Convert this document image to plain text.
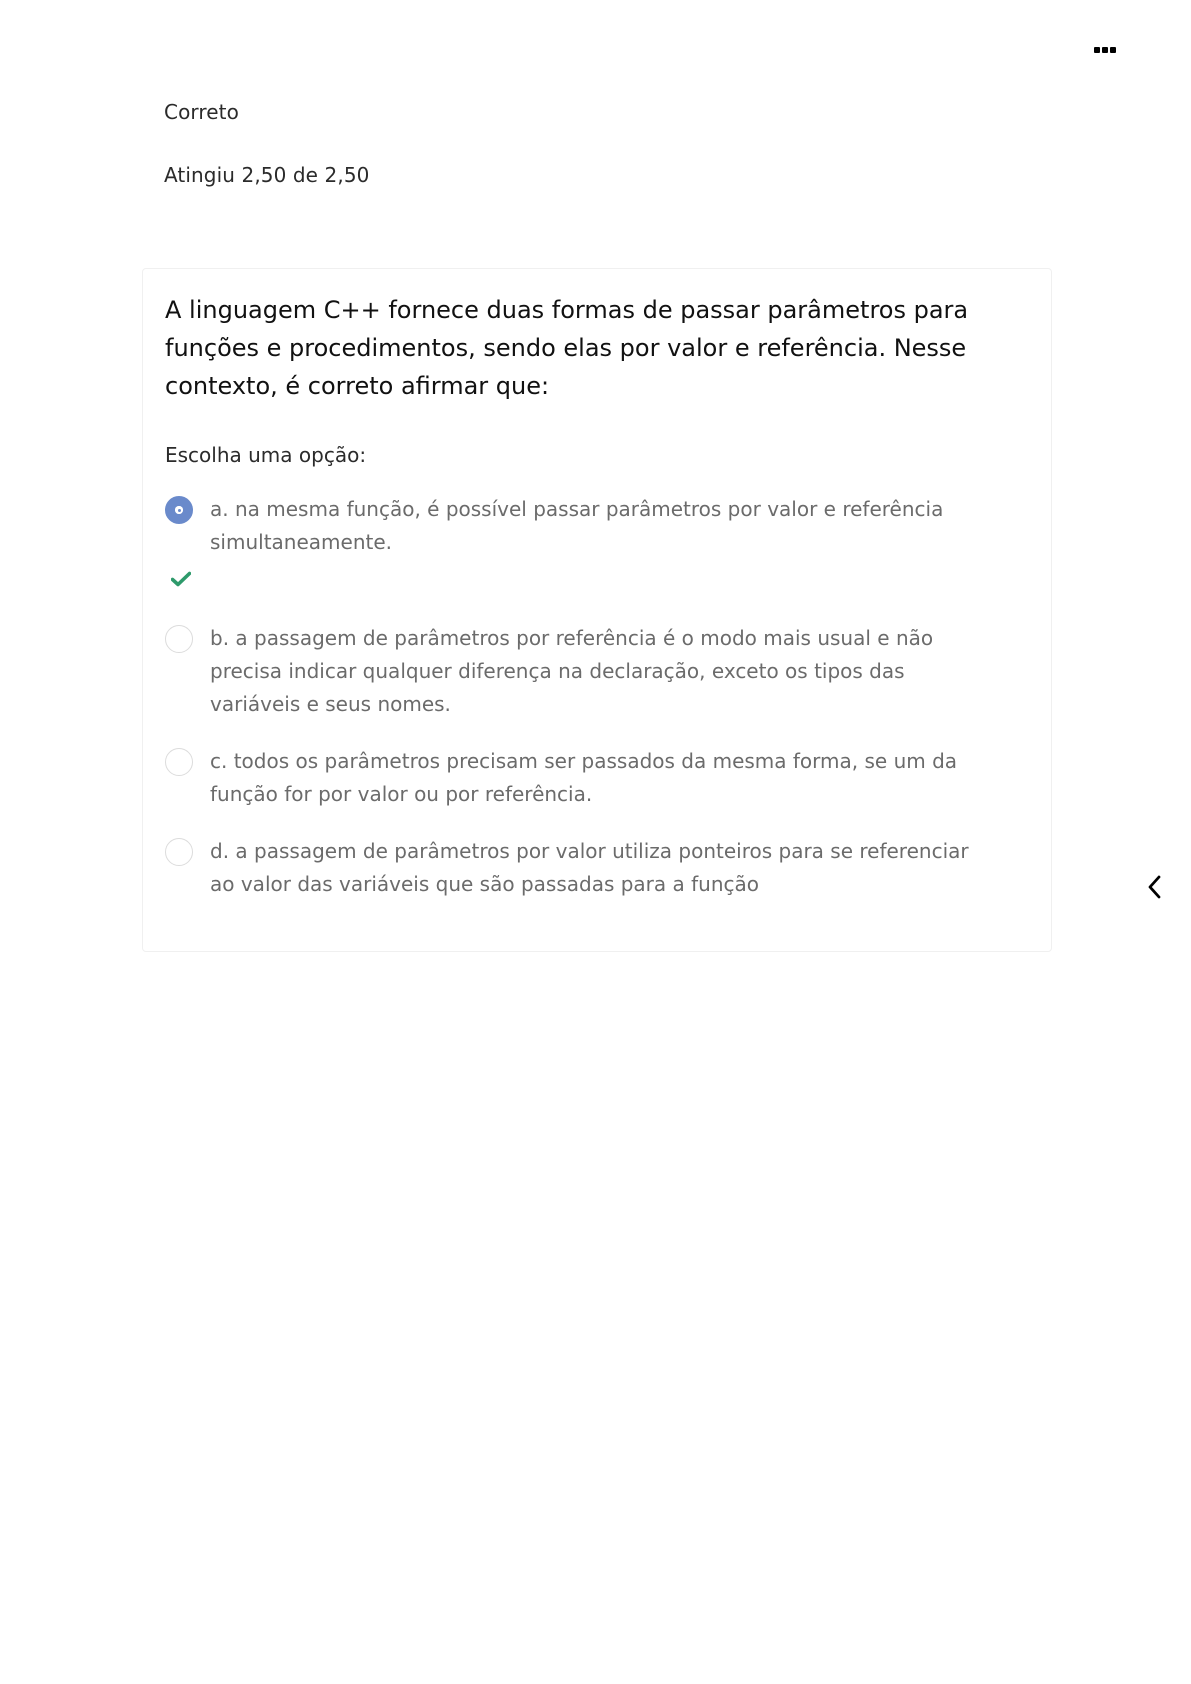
Correto
Atingiu 2,50 de 2,50

A linguagem C++ fornece duas formas de passar parâmetros para funções e procedimentos, sendo elas por valor e referência. Nesse contexto, é correto afirmar que:

Escolha uma opção:
a. na mesma função, é possível passar parâmetros por valor e referência simultaneamente.
b. a passagem de parâmetros por referência é o modo mais usual e não precisa indicar qualquer diferença na declaração, exceto os tipos das variáveis e seus nomes.
c. todos os parâmetros precisam ser passados da mesma forma, se um da função for por valor ou por referência.
d. a passagem de parâmetros por valor utiliza ponteiros para se referenciar ao valor das variáveis que são passadas para a função
